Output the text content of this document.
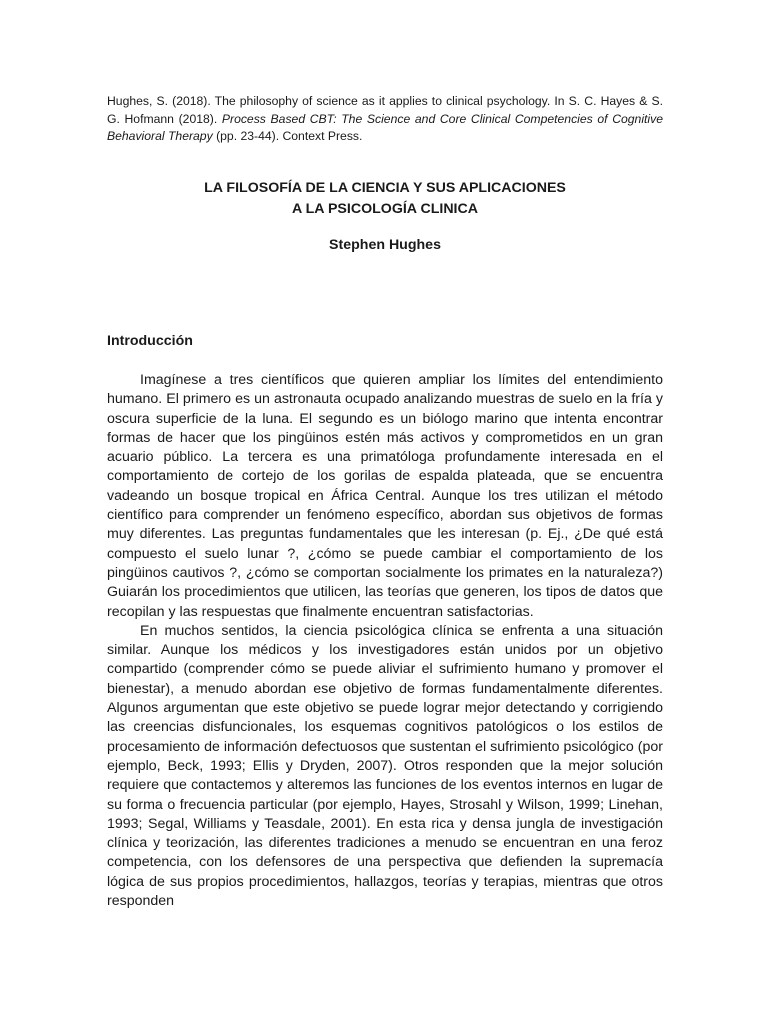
Hughes, S. (2018). The philosophy of science as it applies to clinical psychology. In S. C. Hayes & S. G. Hofmann (2018). Process Based CBT: The Science and Core Clinical Competencies of Cognitive Behavioral Therapy (pp. 23-44). Context Press.

LA FILOSOFÍA DE LA CIENCIA Y SUS APLICACIONES
A LA PSICOLOGÍA CLINICA
Stephen Hughes
Introducción

Imagínese a tres científicos que quieren ampliar los límites del entendimiento humano. El primero es un astronauta ocupado analizando muestras de suelo en la fría y oscura superficie de la luna. El segundo es un biólogo marino que intenta encontrar formas de hacer que los pingüinos estén más activos y comprometidos en un gran acuario público. La tercera es una primatóloga profundamente interesada en el comportamiento de cortejo de los gorilas de espalda plateada, que se encuentra vadeando un bosque tropical en África Central. Aunque los tres utilizan el método científico para comprender un fenómeno específico, abordan sus objetivos de formas muy diferentes. Las preguntas fundamentales que les interesan (p. Ej., ¿De qué está compuesto el suelo lunar ?, ¿cómo se puede cambiar el comportamiento de los pingüinos cautivos ?, ¿cómo se comportan socialmente los primates en la naturaleza?) Guiarán los procedimientos que utilicen, las teorías que generen, los tipos de datos que recopilan y las respuestas que finalmente encuentran satisfactorias.

En muchos sentidos, la ciencia psicológica clínica se enfrenta a una situación similar. Aunque los médicos y los investigadores están unidos por un objetivo compartido (comprender cómo se puede aliviar el sufrimiento humano y promover el bienestar), a menudo abordan ese objetivo de formas fundamentalmente diferentes. Algunos argumentan que este objetivo se puede lograr mejor detectando y corrigiendo las creencias disfuncionales, los esquemas cognitivos patológicos o los estilos de procesamiento de información defectuosos que sustentan el sufrimiento psicológico (por ejemplo, Beck, 1993; Ellis y Dryden, 2007). Otros responden que la mejor solución requiere que contactemos y alteremos las funciones de los eventos internos en lugar de su forma o frecuencia particular (por ejemplo, Hayes, Strosahl y Wilson, 1999; Linehan, 1993; Segal, Williams y Teasdale, 2001). En esta rica y densa jungla de investigación clínica y teorización, las diferentes tradiciones a menudo se encuentran en una feroz competencia, con los defensores de una perspectiva que defienden la supremacía lógica de sus propios procedimientos, hallazgos, teorías y terapias, mientras que otros responden
